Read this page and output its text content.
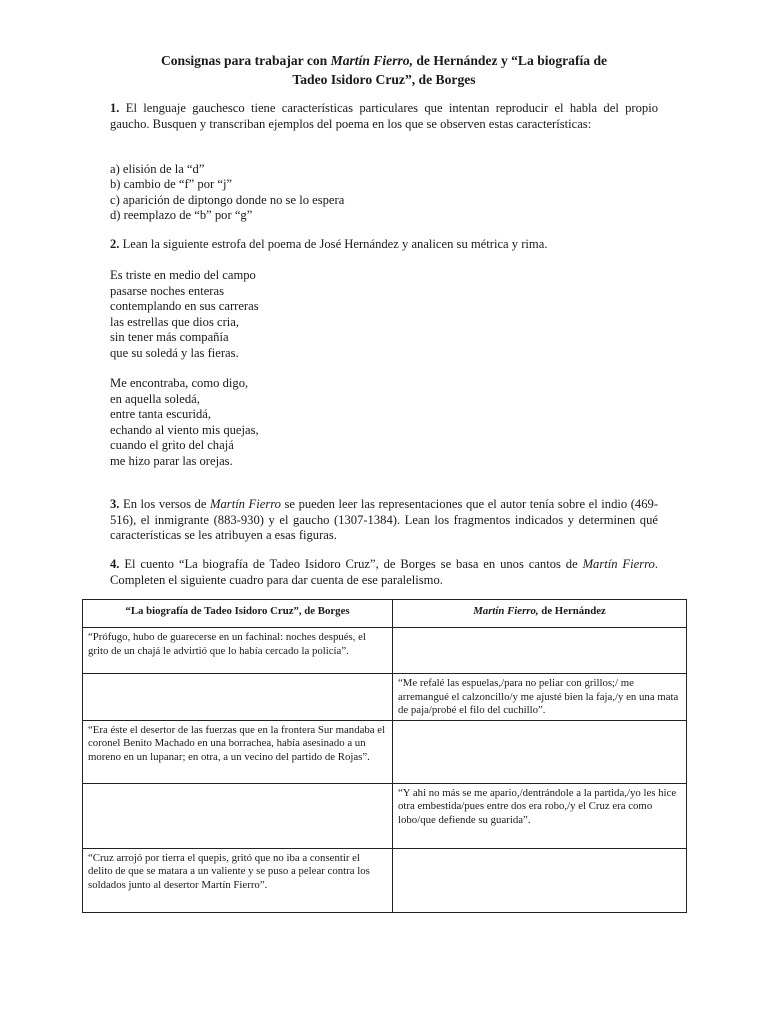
Consignas para trabajar con Martín Fierro, de Hernández y “La biografía de
Tadeo Isidoro Cruz”, de Borges
1. El lenguaje gauchesco tiene características particulares que intentan reproducir el habla del propio gaucho. Busquen y transcriban ejemplos del poema en los que se observen estas características:
a) elisión de la “d”
b) cambio de “f” por “j”
c) aparición de diptongo donde no se lo espera
d) reemplazo de “b” por “g”
2. Lean la siguiente estrofa del poema de José Hernández y analicen su métrica y rima.
Es triste en medio del campo
pasarse noches enteras
contemplando en sus carreras
las estrellas que dios cria,
sin tener más compañía
que su soledá y las fieras.
Me encontraba, como digo,
en aquella soledá,
entre tanta escuridá,
echando al viento mis quejas,
cuando el grito del chajá
me hizo parar las orejas.
3. En los versos de Martín Fierro se pueden leer las representaciones que el autor tenía sobre el indio (469-516), el inmigrante (883-930) y el gaucho (1307-1384). Lean los fragmentos indicados y determinen qué características se les atribuyen a esas figuras.
4. El cuento “La biografía de Tadeo Isidoro Cruz”, de Borges se basa en unos cantos de Martín Fierro. Completen el siguiente cuadro para dar cuenta de ese paralelismo.
“La biografía de Tadeo Isidoro Cruz”, de Borges	Martín Fierro, de Hernández
“Prófugo, hubo de guarecerse en un fachinal: noches después, el grito de un chajá le advirtió que lo había cercado la policía”.	
	“Me refalé las espuelas,/para no peliar con grillos;/ me arremangué el calzoncillo/y me ajusté bien la faja,/y en una mata de paja/probé el filo del cuchillo”.
“Era éste el desertor de las fuerzas que en la frontera Sur mandaba el coronel Benito Machado en una borrachea, había asesinado a un moreno en un lupanar; en otra, a un vecino del partido de Rojas”.	
	“Y ahi no más se me apario,/dentrándole a la partida,/yo les hice otra embestida/pues entre dos era robo,/y el Cruz era como lobo/que defiende su guarida”.
“Cruz arrojó por tierra el quepis, gritó que no iba a consentir el delito de que se matara a un valiente y se puso a pelear contra los soldados junto al desertor Martín Fierro”.	
